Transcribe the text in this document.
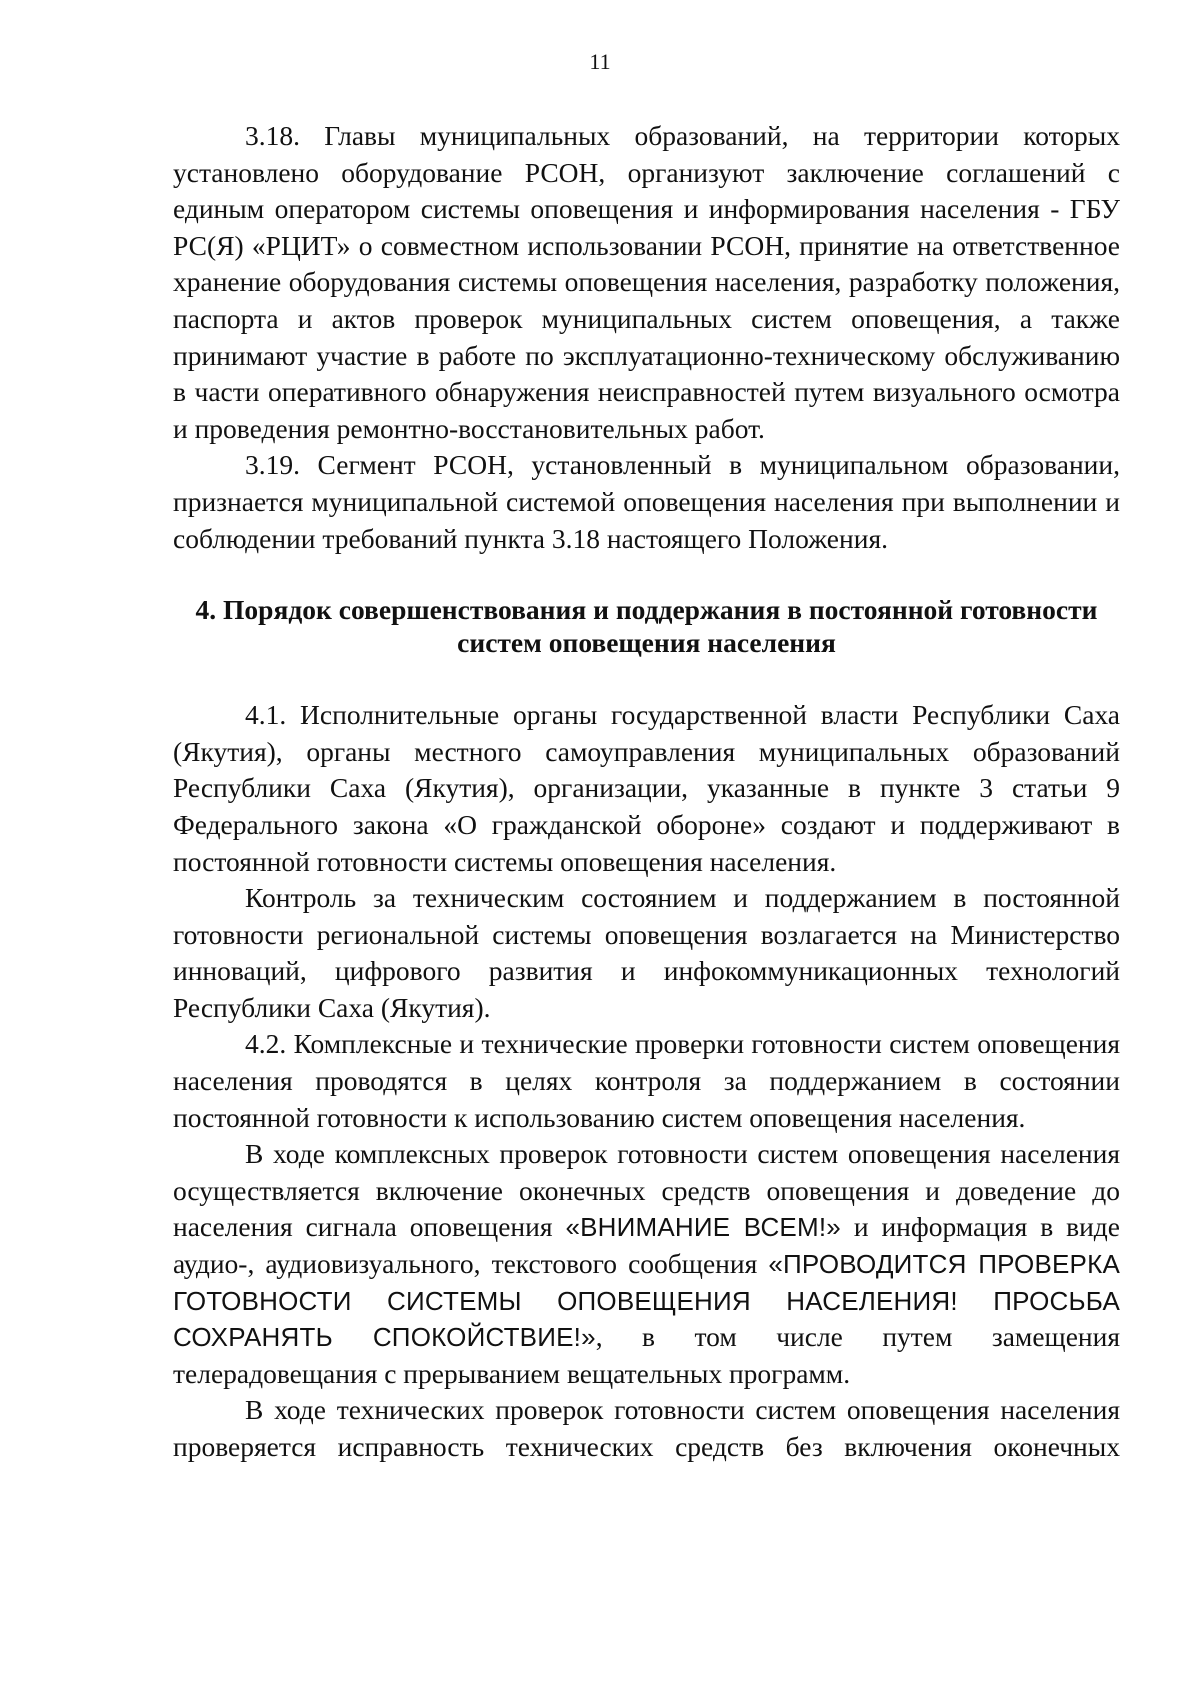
11

3.18. Главы муниципальных образований, на территории которых установлено оборудование РСОН, организуют заключение соглашений с единым оператором системы оповещения и информирования населения - ГБУ РС(Я) «РЦИТ» о совместном использовании РСОН, принятие на ответственное хранение оборудования системы оповещения населения, разработку положения, паспорта и актов проверок муниципальных систем оповещения, а также принимают участие в работе по эксплуатационно-техническому обслуживанию в части оперативного обнаружения неисправностей путем визуального осмотра и проведения ремонтно-восстановительных работ.

3.19. Сегмент РСОН, установленный в муниципальном образовании, признается муниципальной системой оповещения населения при выполнении и соблюдении требований пункта 3.18 настоящего Положения.

4. Порядок совершенствования и поддержания в постоянной готовности
систем оповещения населения

4.1. Исполнительные органы государственной власти Республики Саха (Якутия), органы местного самоуправления муниципальных образований Республики Саха (Якутия), организации, указанные в пункте 3 статьи 9 Федерального закона «О гражданской обороне» создают и поддерживают в постоянной готовности системы оповещения населения.

Контроль за техническим состоянием и поддержанием в постоянной готовности региональной системы оповещения возлагается на Министерство инноваций, цифрового развития и инфокоммуникационных технологий Республики Саха (Якутия).

4.2. Комплексные и технические проверки готовности систем оповещения населения проводятся в целях контроля за поддержанием в состоянии постоянной готовности к использованию систем оповещения населения.

В ходе комплексных проверок готовности систем оповещения населения осуществляется включение оконечных средств оповещения и доведение до населения сигнала оповещения «ВНИМАНИЕ ВСЕМ!» и информация в виде аудио-, аудиовизуального, текстового сообщения «ПРОВОДИТСЯ ПРОВЕРКА ГОТОВНОСТИ СИСТЕМЫ ОПОВЕЩЕНИЯ НАСЕЛЕНИЯ! ПРОСЬБА СОХРАНЯТЬ СПОКОЙСТВИЕ!», в том числе путем замещения телерадовещания с прерыванием вещательных программ.

В ходе технических проверок готовности систем оповещения населения проверяется исправность технических средств без включения оконечных
